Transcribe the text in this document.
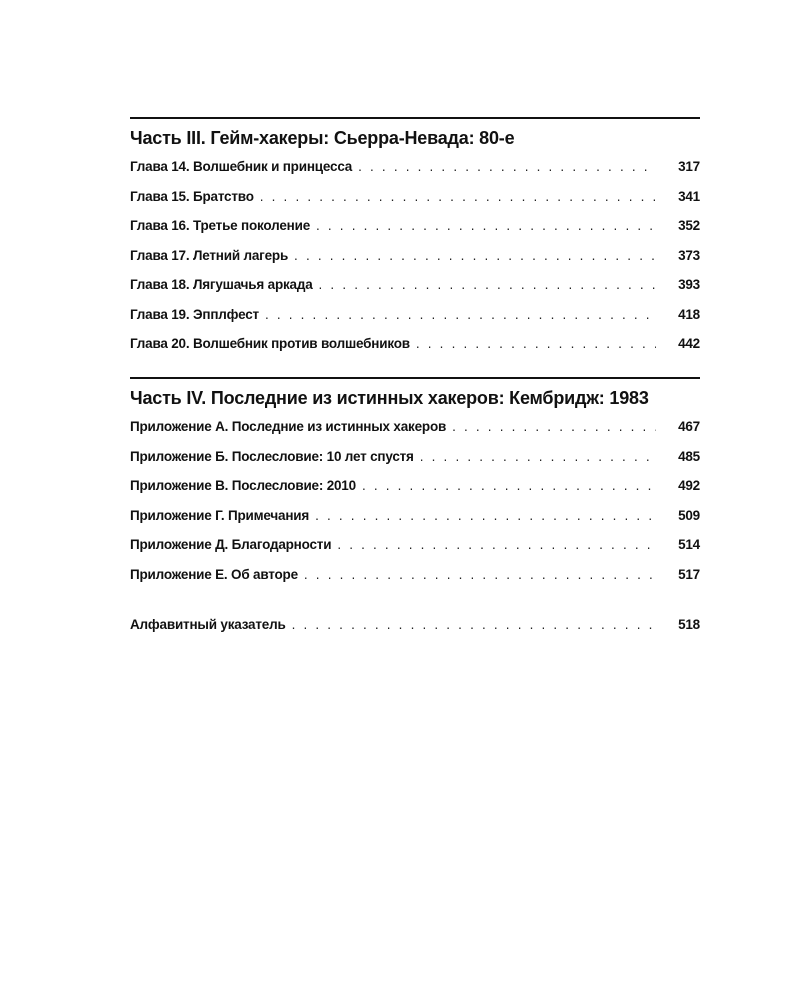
Часть III. Гейм-хакеры: Сьерра-Невада: 80-е
Глава 14. Волшебник и принцесса . . .	317
Глава 15. Братство . . .	341
Глава 16. Третье поколение . . .	352
Глава 17. Летний лагерь . . .	373
Глава 18. Лягушачья аркада . . .	393
Глава 19. Эпплфест . . .	418
Глава 20. Волшебник против волшебников . . .	442
Часть IV. Последние из истинных хакеров: Кембридж: 1983
Приложение А. Последние из истинных хакеров . . .	467
Приложение Б. Послесловие: 10 лет спустя . . .	485
Приложение В. Послесловие: 2010 . . .	492
Приложение Г. Примечания . . .	509
Приложение Д. Благодарности . . .	514
Приложение Е. Об авторе . . .	517
Алфавитный указатель . . .	518
